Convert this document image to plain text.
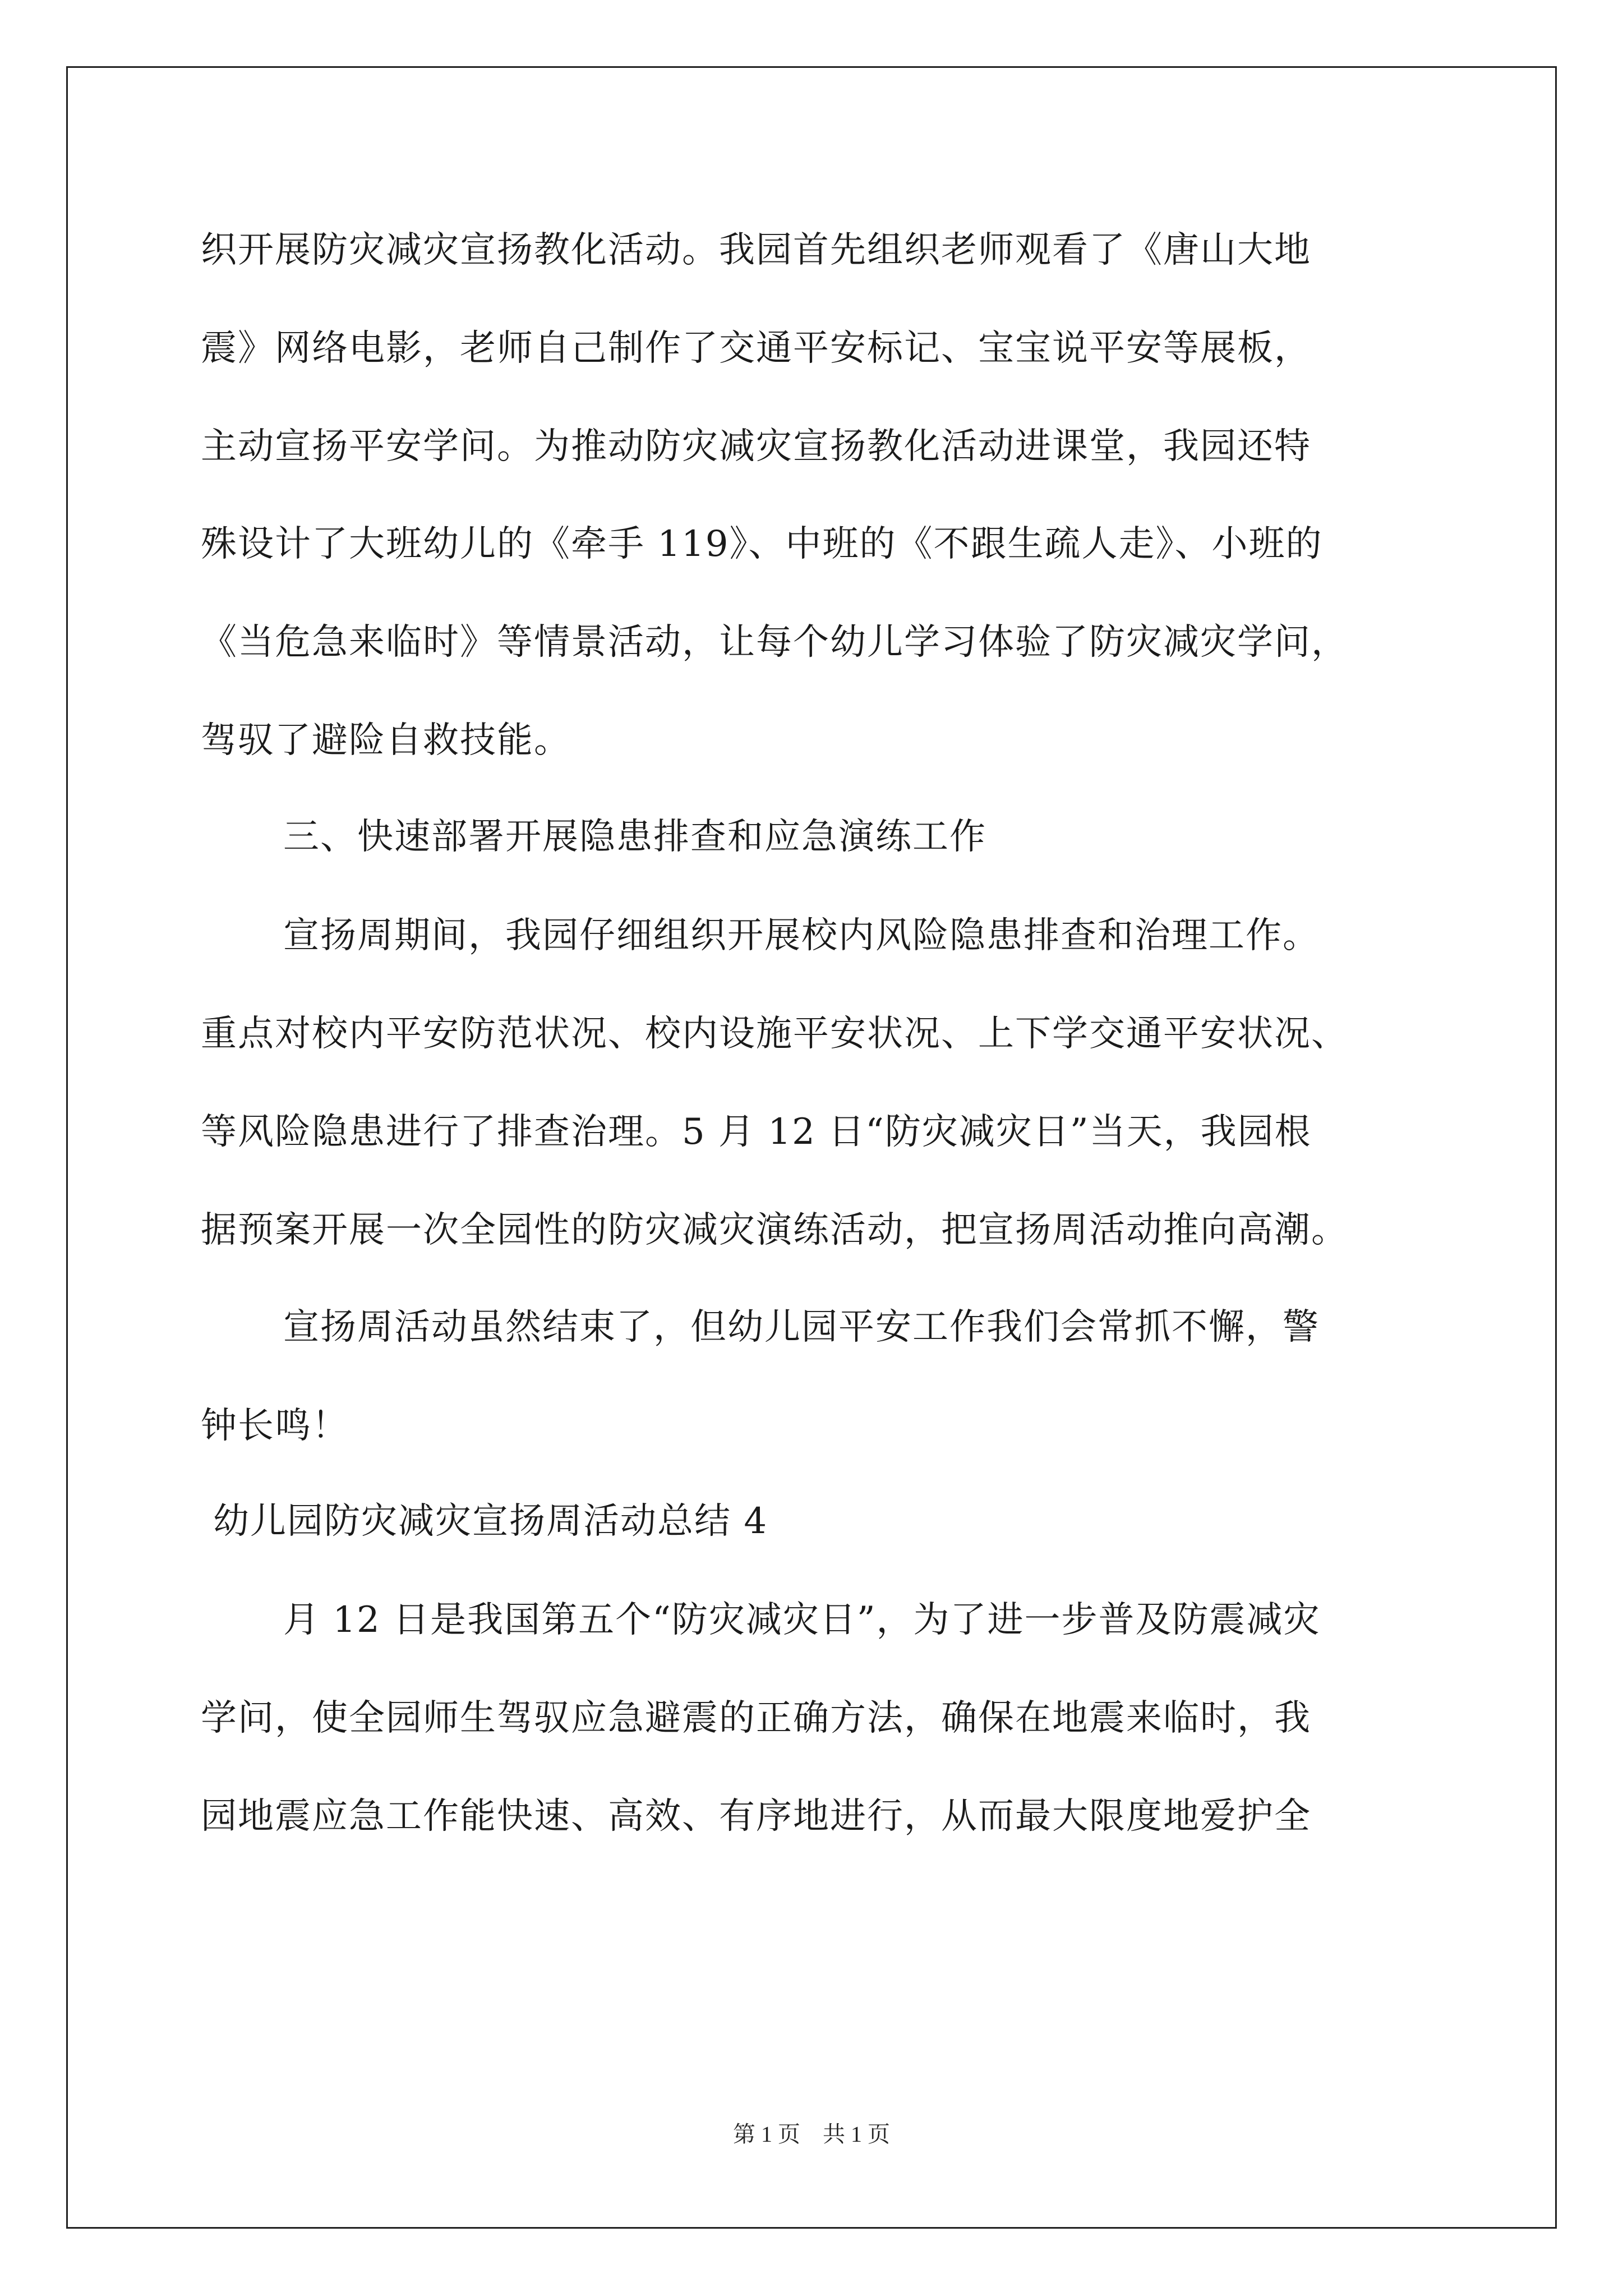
织开展防灾减灾宣扬教化活动。我园首先组织老师观看了《唐山大地
震》网络电影，老师自己制作了交通平安标记、宝宝说平安等展板，
主动宣扬平安学问。为推动防灾减灾宣扬教化活动进课堂，我园还特
殊设计了大班幼儿的《牵手 119》、中班的《不跟生疏人走》、小班的
《当危急来临时》等情景活动，让每个幼儿学习体验了防灾减灾学问，
驾驭了避险自救技能。
三、快速部署开展隐患排查和应急演练工作
宣扬周期间，我园仔细组织开展校内风险隐患排查和治理工作。
重点对校内平安防范状况、校内设施平安状况、上下学交通平安状况、
等风险隐患进行了排查治理。5 月 12 日“防灾减灾日”当天，我园根
据预案开展一次全园性的防灾减灾演练活动，把宣扬周活动推向高潮。
宣扬周活动虽然结束了，但幼儿园平安工作我们会常抓不懈，警
钟长鸣！
幼儿园防灾减灾宣扬周活动总结 4
月 12 日是我国第五个“防灾减灾日”，为了进一步普及防震减灾
学问，使全园师生驾驭应急避震的正确方法，确保在地震来临时，我
园地震应急工作能快速、高效、有序地进行，从而最大限度地爱护全
第 1 页　共 1 页
